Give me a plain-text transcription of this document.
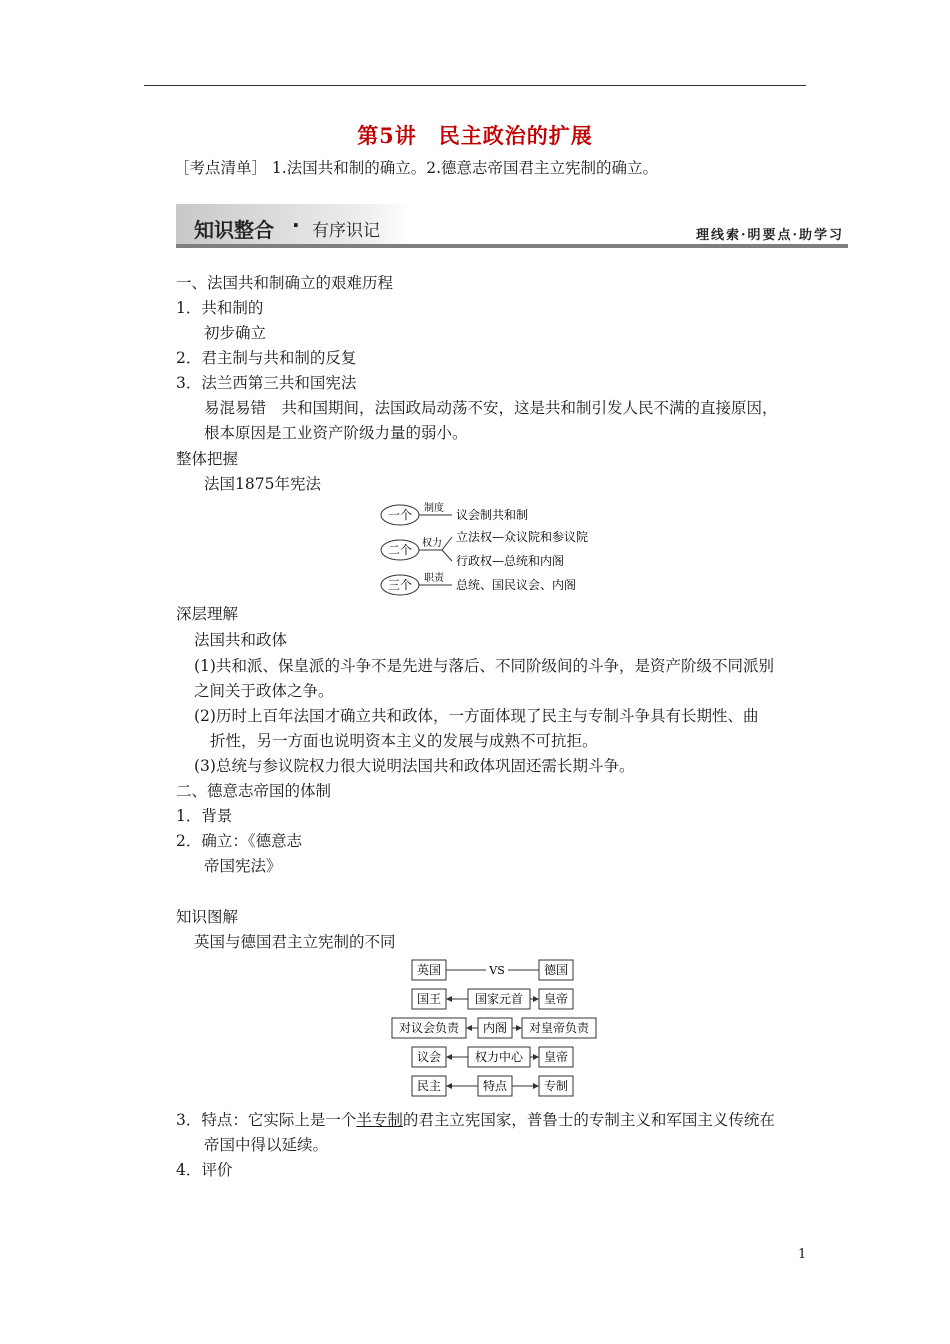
第5讲　民主政治的扩展
［考点清单］ 1.法国共和制的确立。2.德意志帝国君主立宪制的确立。
知识整合 · 有序识记	理线索·明要点·助学习
一、法国共和制确立的艰难历程
1．共和制的
初步确立
2．君主制与共和制的反复
3．法兰西第三共和国宪法
易混易错　共和国期间，法国政局动荡不安，这是共和制引发人民不满的直接原因，
根本原因是工业资产阶级力量的弱小。
整体把握
法国1875年宪法
一个
二个
三个
制度
权力
职责
议会制共和制
立法权—众议院和参议院
行政权—总统和内阁
总统、国民议会、内阁
深层理解
法国共和政体
(1)共和派、保皇派的斗争不是先进与落后、不同阶级间的斗争，是资产阶级不同派别
之间关于政体之争。
(2)历时上百年法国才确立共和政体，一方面体现了民主与专制斗争具有长期性、曲
折性，另一方面也说明资本主义的发展与成熟不可抗拒。
(3)总统与参议院权力很大说明法国共和政体巩固还需长期斗争。
二、德意志帝国的体制
1．背景
2．确立：《德意志
帝国宪法》
知识图解
英国与德国君主立宪制的不同
英国	VS	德国
国王	国家元首 皇帝
对议会负责 内阁 对皇帝负责
议会	权力中心 皇帝
民主	特点	专制
3．特点：它实际上是一个半专制的君主立宪国家，普鲁士的专制主义和军国主义传统在
帝国中得以延续。
4．评价
1
